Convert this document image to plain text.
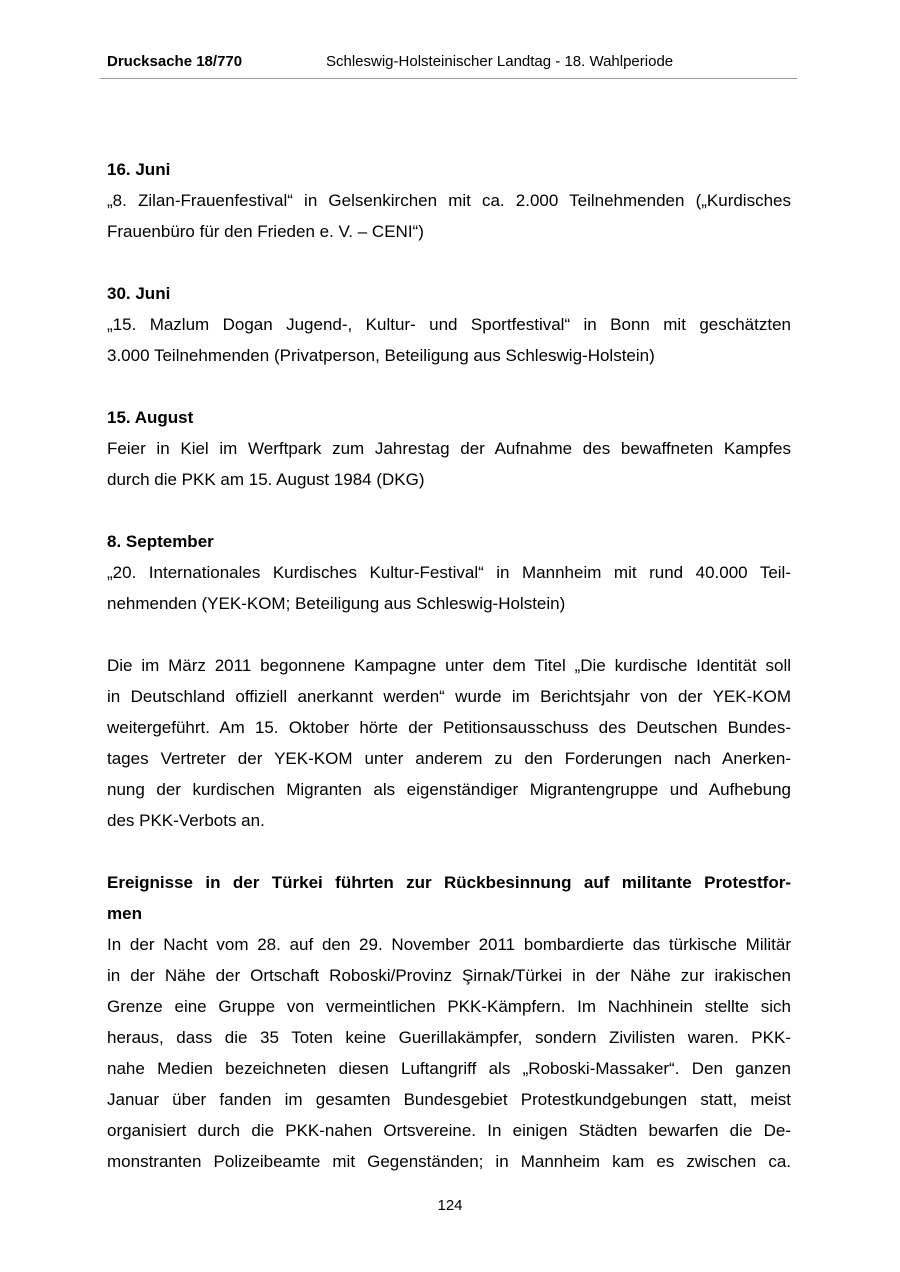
Drucksache 18/770	Schleswig-Holsteinischer Landtag - 18. Wahlperiode

16. Juni

„8. Zilan-Frauenfestival“ in Gelsenkirchen mit ca. 2.000 Teilnehmenden („Kurdisches

Frauenbüro für den Frieden e. V. – CENI“)

30. Juni

„15. Mazlum Dogan Jugend-, Kultur- und Sportfestival“ in Bonn mit geschätzten

3.000 Teilnehmenden (Privatperson, Beteiligung aus Schleswig-Holstein)

15. August

Feier in Kiel im Werftpark zum Jahrestag der Aufnahme des bewaffneten Kampfes

durch die PKK am 15. August 1984 (DKG)

8. September

„20. Internationales Kurdisches Kultur-Festival“ in Mannheim mit rund 40.000 Teil-

nehmenden (YEK-KOM; Beteiligung aus Schleswig-Holstein)

Die im März 2011 begonnene Kampagne unter dem Titel „Die kurdische Identität soll

in Deutschland offiziell anerkannt werden“ wurde im Berichtsjahr von der YEK-KOM

weitergeführt. Am 15. Oktober hörte der Petitionsausschuss des Deutschen Bundes-

tages Vertreter der YEK-KOM unter anderem zu den Forderungen nach Anerken-

nung der kurdischen Migranten als eigenständiger Migrantengruppe und Aufhebung

des PKK-Verbots an.

Ereignisse in der Türkei führten zur Rückbesinnung auf militante Protestfor-

men

In der Nacht vom 28. auf den 29. November 2011 bombardierte das türkische Militär

in der Nähe der Ortschaft Roboski/Provinz Şirnak/Türkei in der Nähe zur irakischen

Grenze eine Gruppe von vermeintlichen PKK-Kämpfern. Im Nachhinein stellte sich

heraus, dass die 35 Toten keine Guerillakämpfer, sondern Zivilisten waren. PKK-

nahe Medien bezeichneten diesen Luftangriff als „Roboski-Massaker“. Den ganzen

Januar über fanden im gesamten Bundesgebiet Protestkundgebungen statt, meist

organisiert durch die PKK-nahen Ortsvereine. In einigen Städten bewarfen die De-

monstranten Polizeibeamte mit Gegenständen; in Mannheim kam es zwischen ca.

124
